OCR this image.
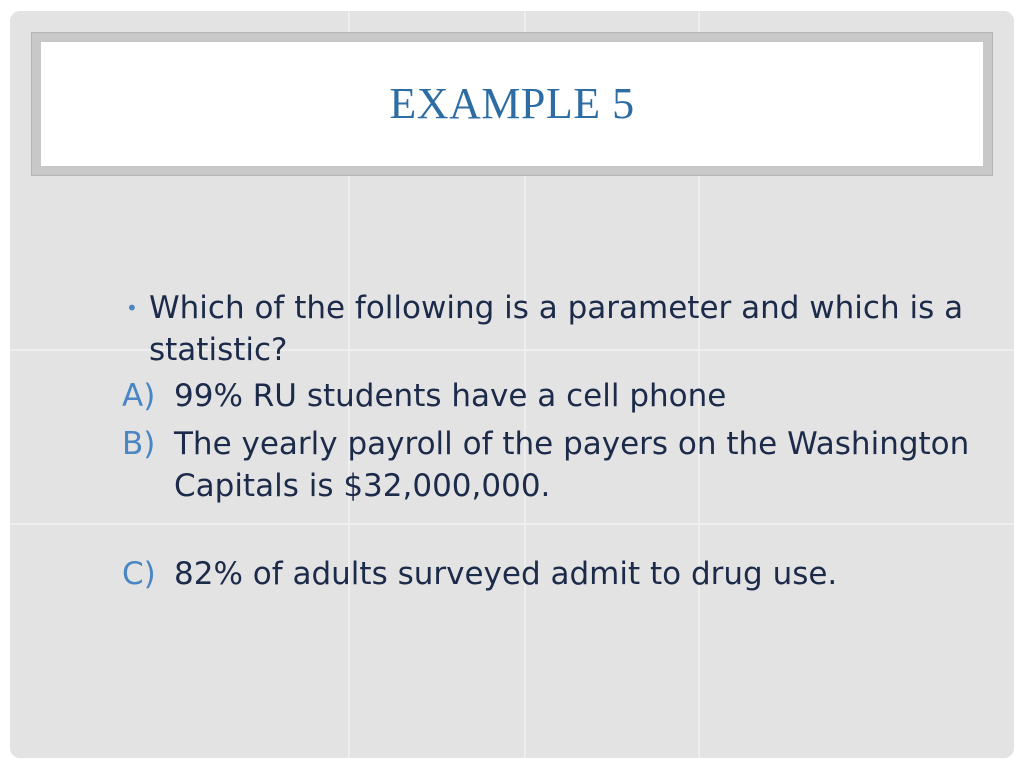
EXAMPLE 5
• Which of the following is a parameter and which is a statistic?
A) 99% RU students have a cell phone
B) The yearly payroll of the payers on the Washington Capitals is $32,000,000.
C) 82% of adults surveyed admit to drug use.
